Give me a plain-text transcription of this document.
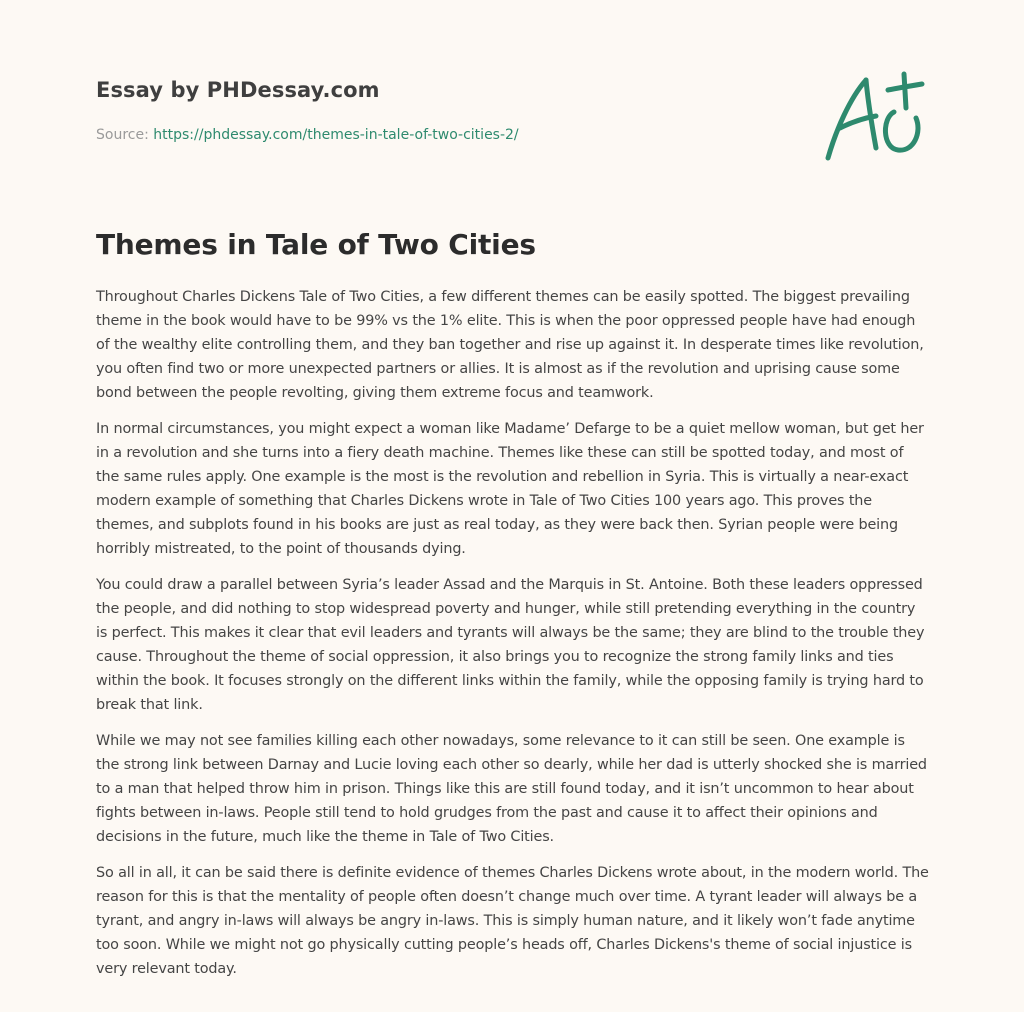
Essay by PHDessay.com
Source: https://phdessay.com/themes-in-tale-of-two-cities-2/
Themes in Tale of Two Cities

Throughout Charles Dickens Tale of Two Cities, a few different themes can be easily spotted. The biggest prevailing theme in the book would have to be 99% vs the 1% elite. This is when the poor oppressed people have had enough of the wealthy elite controlling them, and they ban together and rise up against it. In desperate times like revolution, you often find two or more unexpected partners or allies. It is almost as if the revolution and uprising cause some bond between the people revolting, giving them extreme focus and teamwork.

In normal circumstances, you might expect a woman like Madame’ Defarge to be a quiet mellow woman, but get her in a revolution and she turns into a fiery death machine. Themes like these can still be spotted today, and most of the same rules apply. One example is the most is the revolution and rebellion in Syria. This is virtually a near-exact modern example of something that Charles Dickens wrote in Tale of Two Cities 100 years ago. This proves the themes, and subplots found in his books are just as real today, as they were back then. Syrian people were being horribly mistreated, to the point of thousands dying.

You could draw a parallel between Syria’s leader Assad and the Marquis in St. Antoine. Both these leaders oppressed the people, and did nothing to stop widespread poverty and hunger, while still pretending everything in the country is perfect. This makes it clear that evil leaders and tyrants will always be the same; they are blind to the trouble they cause. Throughout the theme of social oppression, it also brings you to recognize the strong family links and ties within the book. It focuses strongly on the different links within the family, while the opposing family is trying hard to break that link.

While we may not see families killing each other nowadays, some relevance to it can still be seen. One example is the strong link between Darnay and Lucie loving each other so dearly, while her dad is utterly shocked she is married to a man that helped throw him in prison. Things like this are still found today, and it isn’t uncommon to hear about fights between in-laws. People still tend to hold grudges from the past and cause it to affect their opinions and decisions in the future, much like the theme in Tale of Two Cities.

So all in all, it can be said there is definite evidence of themes Charles Dickens wrote about, in the modern world. The reason for this is that the mentality of people often doesn’t change much over time. A tyrant leader will always be a tyrant, and angry in-laws will always be angry in-laws. This is simply human nature, and it likely won’t fade anytime too soon. While we might not go physically cutting people’s heads off, Charles Dickens's theme of social injustice is very relevant today.
